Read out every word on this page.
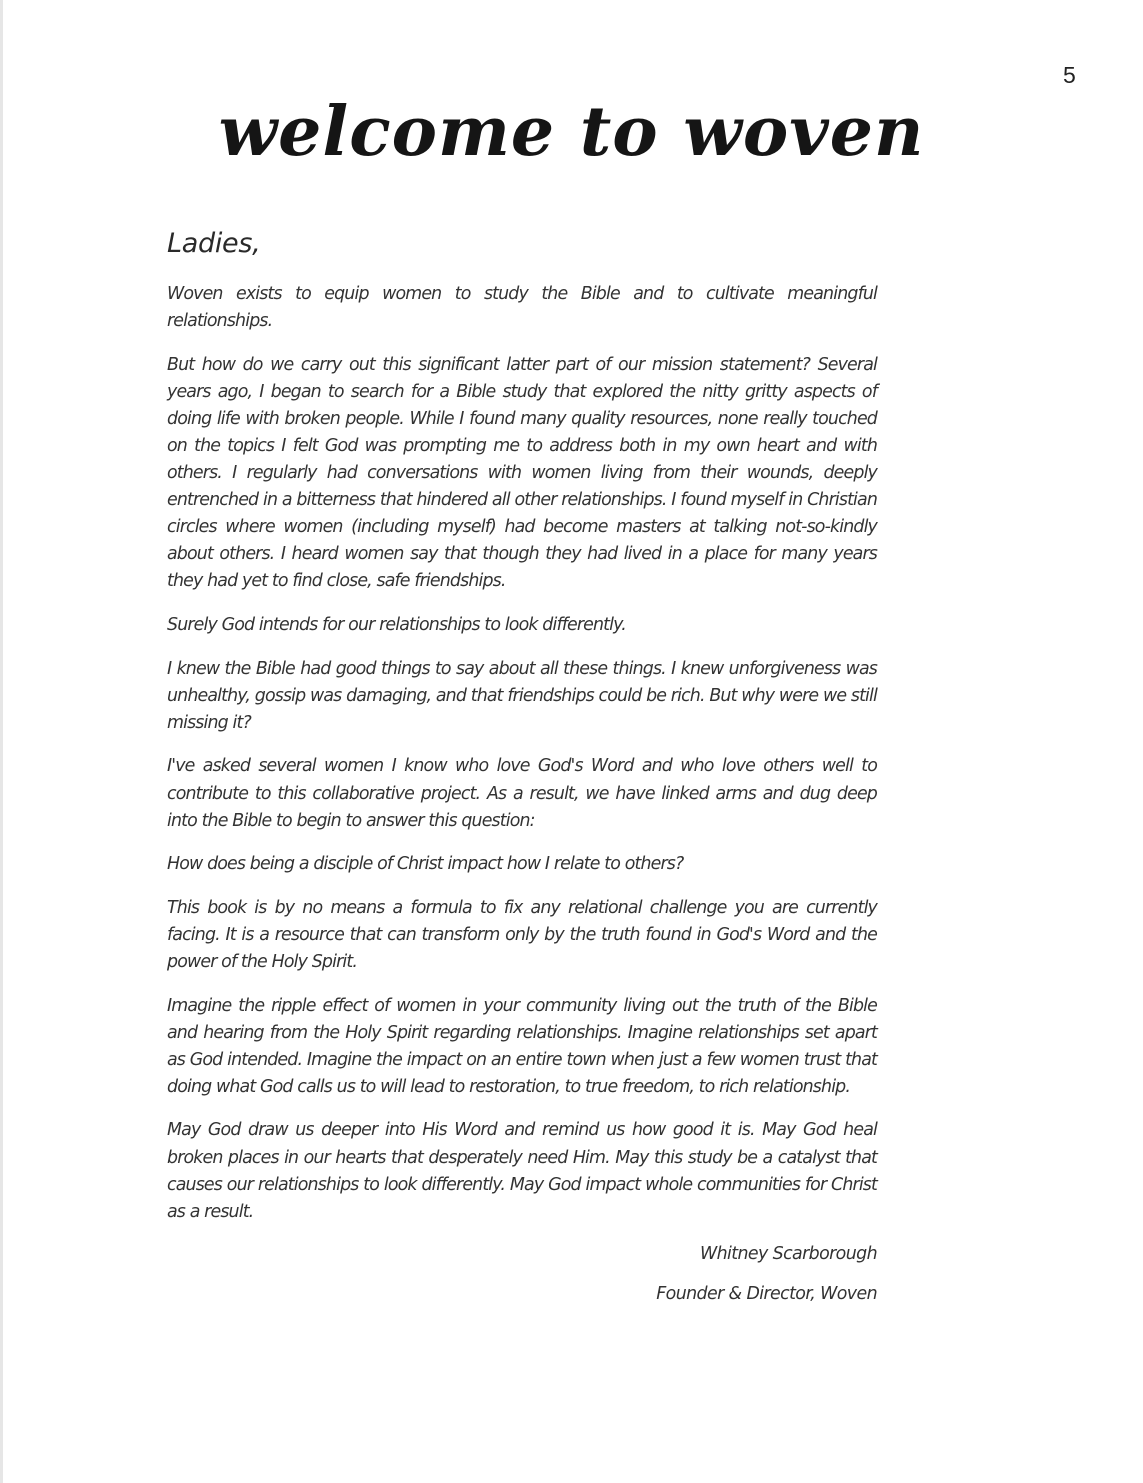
5
welcome to woven

Ladies,

Woven exists to equip women to study the Bible and to cultivate meaningful relationships.

But how do we carry out this significant latter part of our mission statement? Several years ago, I began to search for a Bible study that explored the nitty gritty aspects of doing life with broken people. While I found many quality resources, none really touched on the topics I felt God was prompting me to address both in my own heart and with others. I regularly had conversations with women living from their wounds, deeply entrenched in a bitterness that hindered all other relationships. I found myself in Christian circles where women (including myself) had become masters at talking not-so-kindly about others. I heard women say that though they had lived in a place for many years they had yet to find close, safe friendships.

Surely God intends for our relationships to look differently.

I knew the Bible had good things to say about all these things. I knew unforgiveness was unhealthy, gossip was damaging, and that friendships could be rich. But why were we still missing it?

I've asked several women I know who love God's Word and who love others well to contribute to this collaborative project. As a result, we have linked arms and dug deep into the Bible to begin to answer this question:

How does being a disciple of Christ impact how I relate to others?

This book is by no means a formula to fix any relational challenge you are currently facing. It is a resource that can transform only by the truth found in God's Word and the power of the Holy Spirit.

Imagine the ripple effect of women in your community living out the truth of the Bible and hearing from the Holy Spirit regarding relationships. Imagine relationships set apart as God intended. Imagine the impact on an entire town when just a few women trust that doing what God calls us to will lead to restoration, to true freedom, to rich relationship.

May God draw us deeper into His Word and remind us how good it is. May God heal broken places in our hearts that desperately need Him. May this study be a catalyst that causes our relationships to look differently. May God impact whole communities for Christ as a result.

Whitney Scarborough

Founder & Director, Woven
